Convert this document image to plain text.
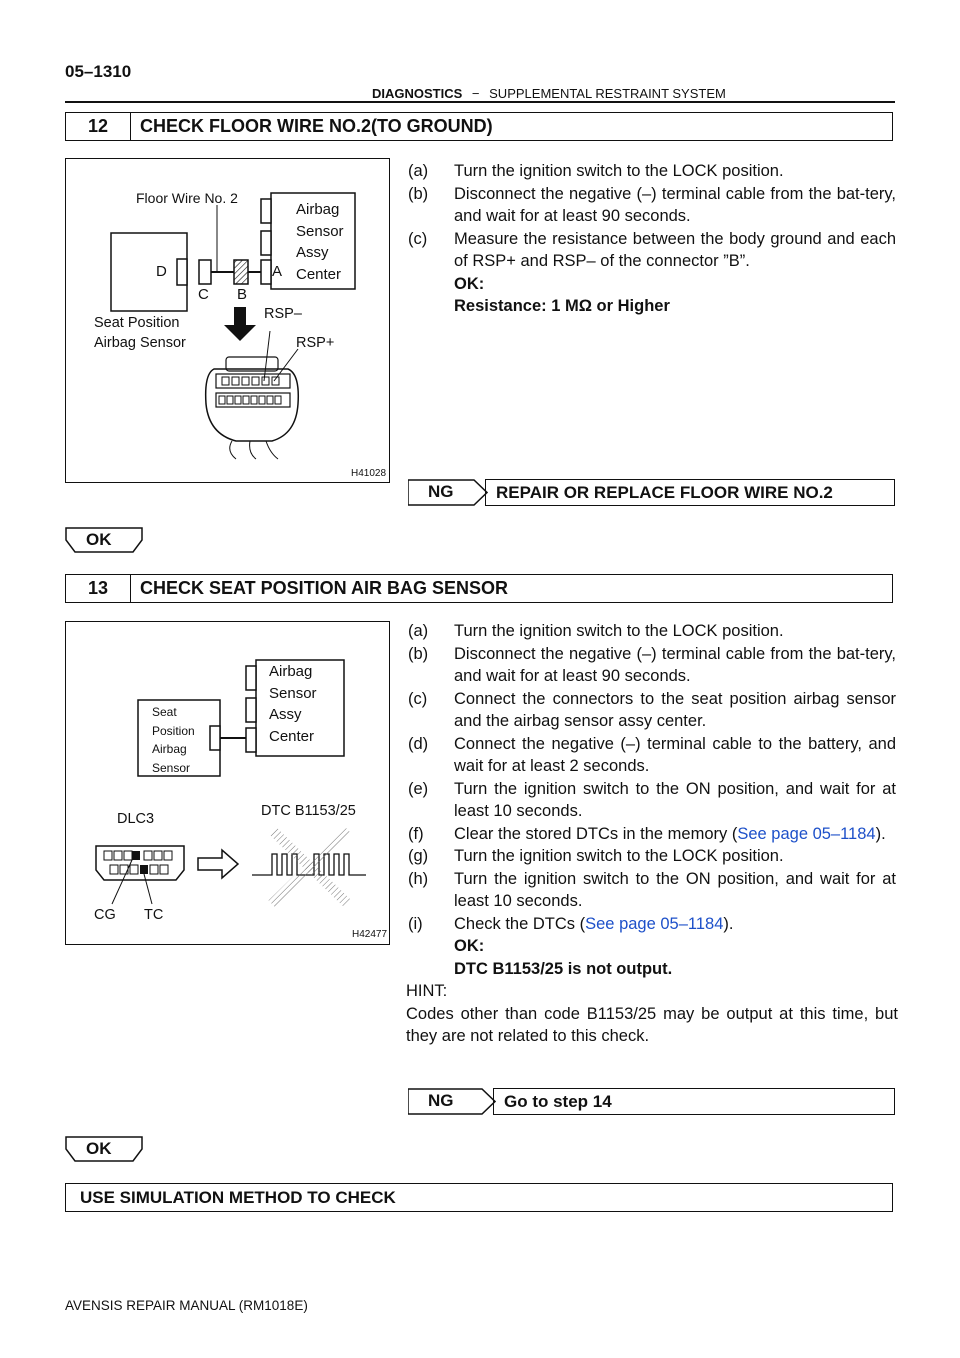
05–1310
DIAGNOSTICS − SUPPLEMENTAL RESTRAINT SYSTEM
12	CHECK FLOOR WIRE NO.2(TO GROUND)
Floor Wire No. 2
Airbag
Sensor
Assy
Center
D
C B
A
Seat Position
Airbag Sensor
RSP–
RSP+
H41028
(a)	Turn the ignition switch to the LOCK position.
(b)	Disconnect the negative (–) terminal cable from the bat-tery, and wait for at least 90 seconds.
(c)	Measure the resistance between the body ground and each of RSP+ and RSP– of the connector ”B”.
OK:
Resistance: 1 MΩ or Higher
NG	REPAIR OR REPLACE FLOOR WIRE NO.2
OK
13	CHECK SEAT POSITION AIR BAG SENSOR
Airbag
Sensor
Assy
Center
Seat
Position
Airbag
Sensor
DLC3	DTC B1153/25
CG TC
H42477
(a)	Turn the ignition switch to the LOCK position.
(b)	Disconnect the negative (–) terminal cable from the bat-tery, and wait for at least 90 seconds.
(c)	Connect the connectors to the seat position airbag sensor and the airbag sensor assy center.
(d)	Connect the negative (–) terminal cable to the battery, and wait for at least 2 seconds.
(e)	Turn the ignition switch to the ON position, and wait for at least 10 seconds.
(f)	Clear the stored DTCs in the memory (See page 05–1184).
(g)	Turn the ignition switch to the LOCK position.
(h)	Turn the ignition switch to the ON position, and wait for at least 10 seconds.
(i)	Check the DTCs (See page 05–1184).
OK:
DTC B1153/25 is not output.
HINT:
Codes other than code B1153/25 may be output at this time, but they are not related to this check.
NG	Go to step 14
OK
USE SIMULATION METHOD TO CHECK
AVENSIS REPAIR MANUAL (RM1018E)
